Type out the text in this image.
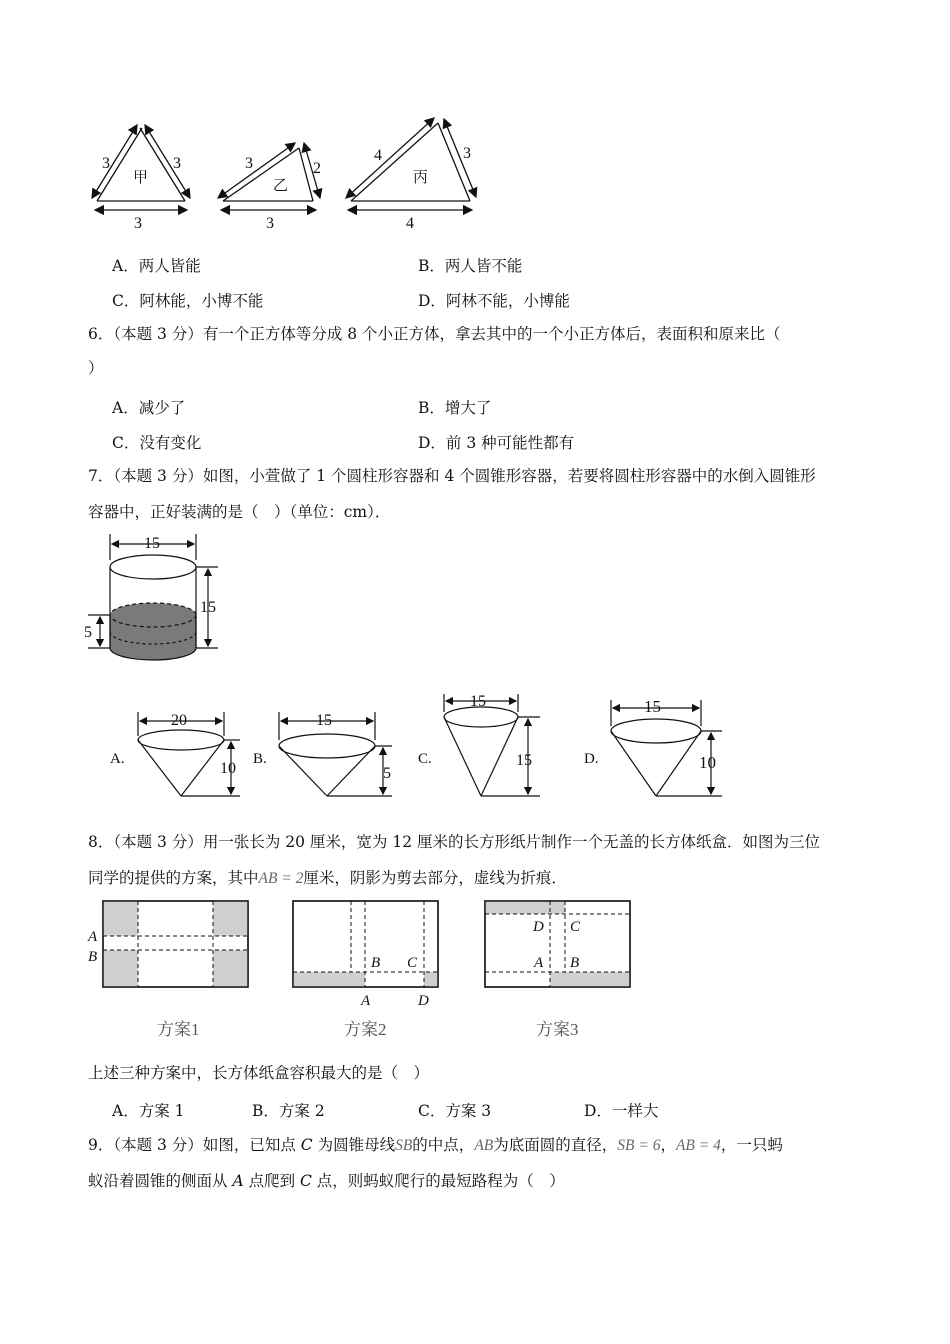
3	3
3
甲
3	2
3
乙
4	3
4
丙
A．两人皆能	B．两人皆不能
C．阿林能，小博不能	D．阿林不能，小博能
6．（本题 3 分）有一个正方体等分成 8 个小正方体，拿去其中的一个小正方体后，表面积和原来比（
）
A．减少了	B．增大了
C．没有变化	D．前 3 种可能性都有
7．（本题 3 分）如图，小萱做了 1 个圆柱形容器和 4 个圆锥形容器，若要将圆柱形容器中的水倒入圆锥形
容器中，正好装满的是（　）（单位：cm）．
15
15
5
A.
20
10
B.
15
5
C.
15
15	D.
15
10
8．（本题 3 分）用一张长为 20 厘米，宽为 12 厘米的长方形纸片制作一个无盖的长方体纸盒．如图为三位
同学的提供的方案，其中AB = 2厘米，阴影为剪去部分，虚线为折痕．
A
B	B C
A	D
D C
A B
方案1	方案2	方案3
上述三种方案中，长方体纸盒容积最大的是（　）
A．方案 1	B．方案 2	C．方案 3	D．一样大
9．（本题 3 分）如图，已知点 C 为圆锥母线SB的中点，AB为底面圆的直径，SB = 6，AB = 4，一只蚂
蚁沿着圆锥的侧面从 A 点爬到 C 点，则蚂蚁爬行的最短路程为（　）
